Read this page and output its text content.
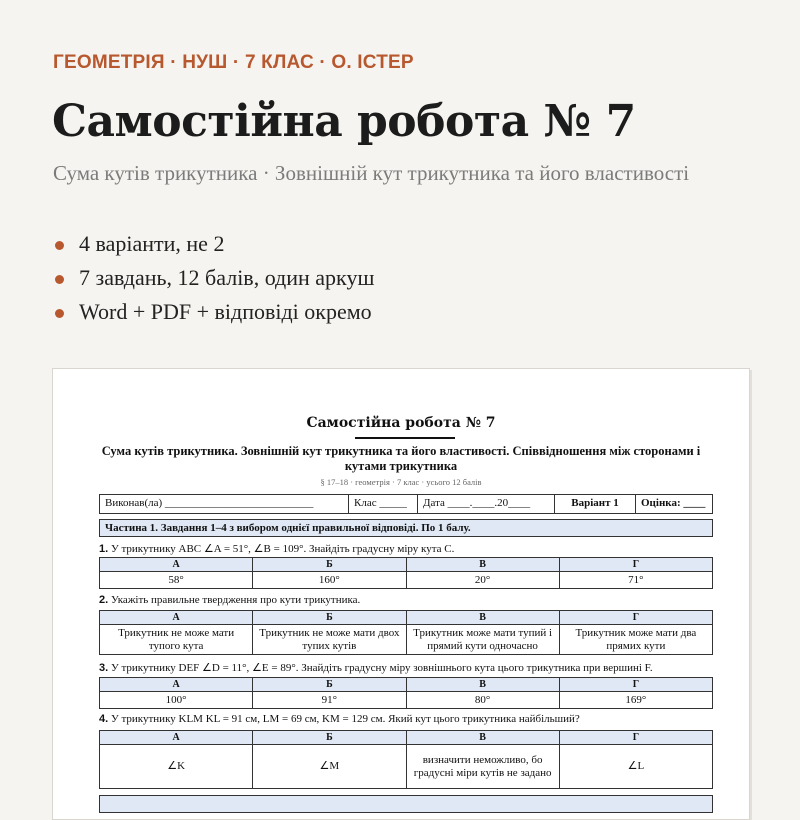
ГЕОМЕТРІЯ · НУШ · 7 КЛАС · О. ІСТЕР
Самостійна робота № 7
Сума кутів трикутника · Зовнішній кут трикутника та його властивості
4 варіанти, не 2
7 завдань, 12 балів, один аркуш
Word + PDF + відповіді окремо
Самостійна робота № 7
Сума кутів трикутника. Зовнішній кут трикутника та його властивості. Співвідношення між сторонами і кутами трикутника
§ 17–18 · геометрія · 7 клас · усього 12 балів
Виконав(ла) ___________________________	Клас _____	Дата ____.____.20____	Варіант 1	Оцінка: ____
Частина 1. Завдання 1–4 з вибором однієї правильної відповіді. По 1 балу.
1. У трикутнику ABC ∠A = 51°, ∠B = 109°. Знайдіть градусну міру кута C.
А	Б	В	Г
58°	160°	20°	71°
2. Укажіть правильне твердження про кути трикутника.
А	Б	В	Г
Трикутник не може мати тупого кута	Трикутник не може мати двох тупих кутів	Трикутник може мати тупий і прямий кути одночасно	Трикутник може мати два прямих кути
3. У трикутнику DEF ∠D = 11°, ∠E = 89°. Знайдіть градусну міру зовнішнього кута цього трикутника при вершині F.
А	Б	В	Г
100°	91°	80°	169°
4. У трикутнику KLM KL = 91 см, LM = 69 см, KM = 129 см. Який кут цього трикутника найбільший?
А	Б	В	Г
∠K	∠M	визначити неможливо, бо градусні міри кутів не задано	∠L
